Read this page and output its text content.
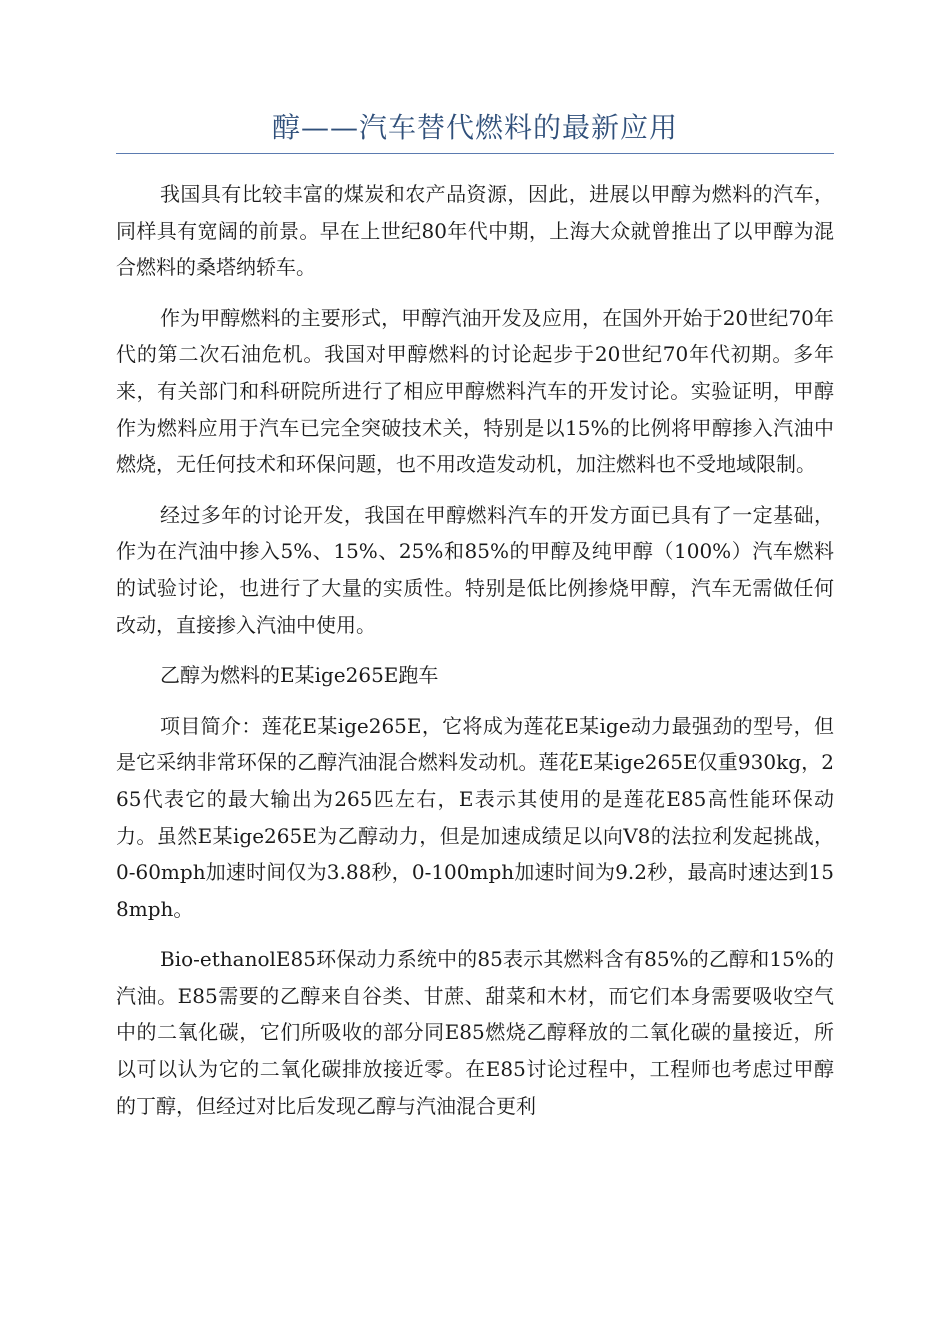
醇——汽车替代燃料的最新应用

我国具有比较丰富的煤炭和农产品资源，因此，进展以甲醇为燃料的汽车，同样具有宽阔的前景。早在上世纪80年代中期，上海大众就曾推出了以甲醇为混合燃料的桑塔纳轿车。

作为甲醇燃料的主要形式，甲醇汽油开发及应用，在国外开始于20世纪70年代的第二次石油危机。我国对甲醇燃料的讨论起步于20世纪70年代初期。多年来，有关部门和科研院所进行了相应甲醇燃料汽车的开发讨论。实验证明，甲醇作为燃料应用于汽车已完全突破技术关，特别是以15%的比例将甲醇掺入汽油中燃烧，无任何技术和环保问题，也不用改造发动机，加注燃料也不受地域限制。

经过多年的讨论开发，我国在甲醇燃料汽车的开发方面已具有了一定基础，作为在汽油中掺入5%、15%、25%和85%的甲醇及纯甲醇（100%）汽车燃料的试验讨论，也进行了大量的实质性。特别是低比例掺烧甲醇，汽车无需做任何改动，直接掺入汽油中使用。

乙醇为燃料的E某ige265E跑车

项目简介：莲花E某ige265E，它将成为莲花E某ige动力最强劲的型号，但是它采纳非常环保的乙醇汽油混合燃料发动机。莲花E某ige265E仅重930kg，265代表它的最大输出为265匹左右，E表示其使用的是莲花E85高性能环保动力。虽然E某ige265E为乙醇动力，但是加速成绩足以向V8的法拉利发起挑战，0-60mph加速时间仅为3.88秒，0-100mph加速时间为9.2秒，最高时速达到158mph。

Bio-ethanolE85环保动力系统中的85表示其燃料含有85%的乙醇和15%的汽油。E85需要的乙醇来自谷类、甘蔗、甜菜和木材，而它们本身需要吸收空气中的二氧化碳，它们所吸收的部分同E85燃烧乙醇释放的二氧化碳的量接近，所以可以认为它的二氧化碳排放接近零。在E85讨论过程中，工程师也考虑过甲醇的丁醇，但经过对比后发现乙醇与汽油混合更利
